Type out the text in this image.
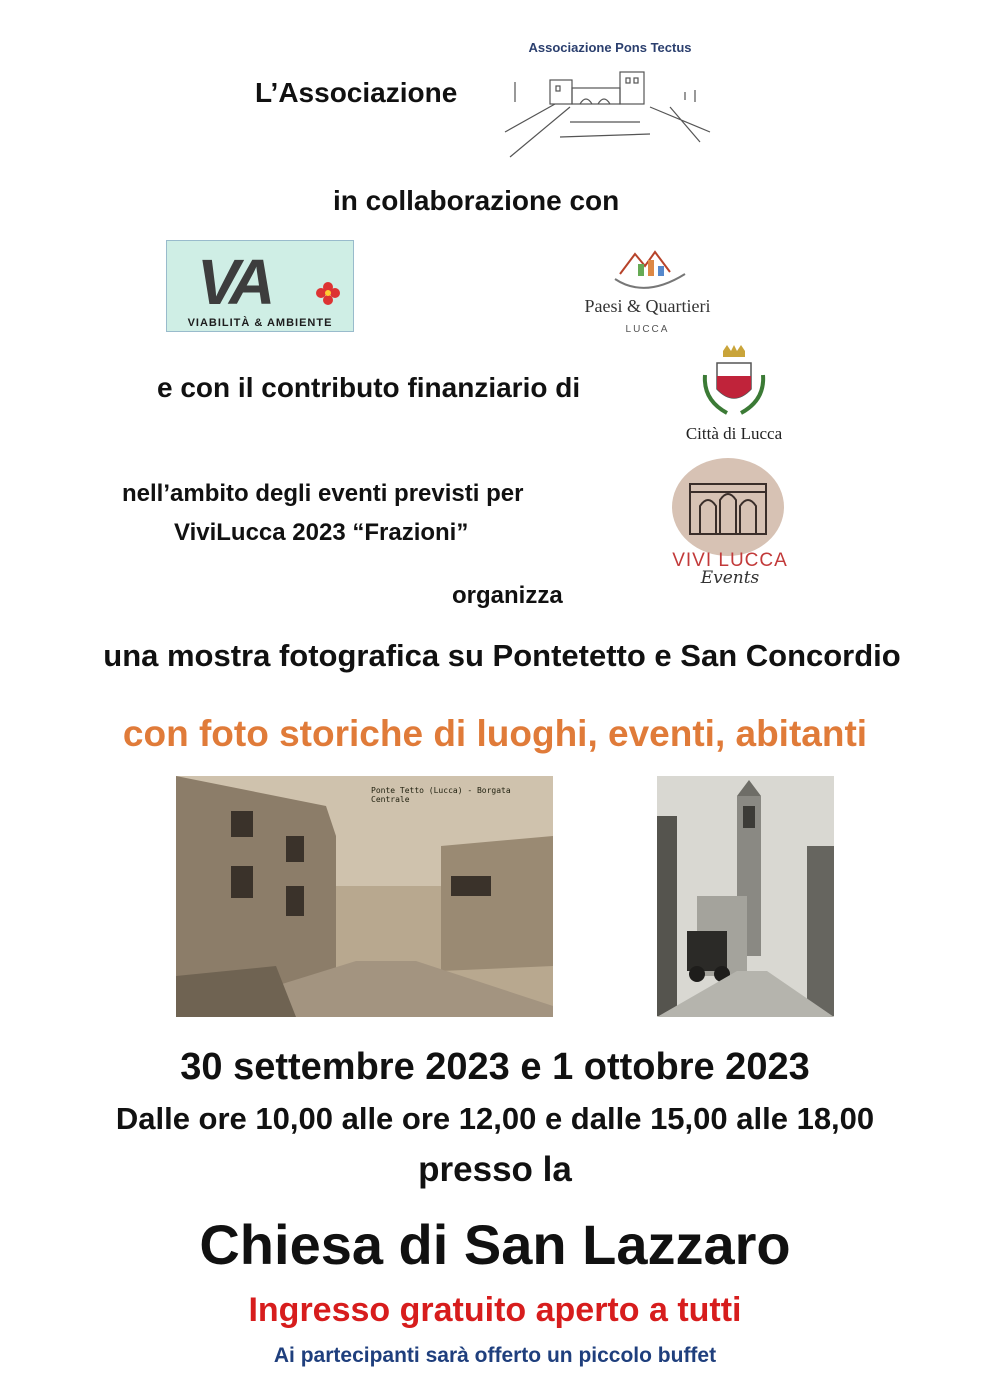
Associazione Pons Tectus
L’Associazione
in collaborazione con
VA
VIABILITÀ & AMBIENTE
Paesi & Quartieri
LUCCA
e con il contributo finanziario di
Città di Lucca
nell’ambito degli eventi previsti per
ViviLucca 2023 “Frazioni”
VIVI LUCCA
Events
organizza
una mostra fotografica su Pontetetto e San Concordio
con foto storiche di luoghi, eventi, abitanti
Ponte Tetto (Lucca) - Borgata Centrale
30 settembre 2023 e 1 ottobre 2023
Dalle ore 10,00 alle ore 12,00 e dalle 15,00 alle 18,00
presso la
Chiesa di San Lazzaro
Ingresso gratuito aperto a tutti
Ai partecipanti sarà offerto un piccolo buffet
